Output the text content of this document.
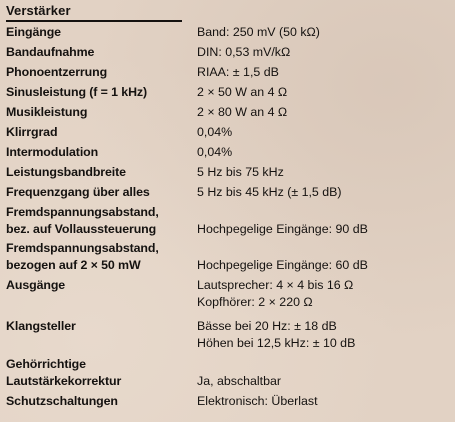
Verstärker
Eingänge	Band: 250 mV (50 kΩ)
Bandaufnahme	DIN: 0,53 mV/kΩ
Phonoentzerrung	RIAA: ± 1,5 dB
Sinusleistung (f = 1 kHz)	2 × 50 W an 4 Ω
Musikleistung	2 × 80 W an 4 Ω
Klirrgrad	0,04%
Intermodulation	0,04%
Leistungsbandbreite	5 Hz bis 75 kHz
Frequenzgang über alles	5 Hz bis 45 kHz (± 1,5 dB)
Fremdspannungsabstand,
bez. auf Vollaussteuerung	Hochpegelige Eingänge: 90 dB
Fremdspannungsabstand,
bezogen auf 2 × 50 mW	Hochpegelige Eingänge: 60 dB
Ausgänge	Lautsprecher: 4 × 4 bis 16 Ω
Kopfhörer: 2 × 220 Ω
Klangsteller	Bässe bei 20 Hz: ± 18 dB
Höhen bei 12,5 kHz: ± 10 dB
Gehörrichtige
Lautstärkekorrektur	Ja, abschaltbar
Schutzschaltungen	Elektronisch: Überlast
